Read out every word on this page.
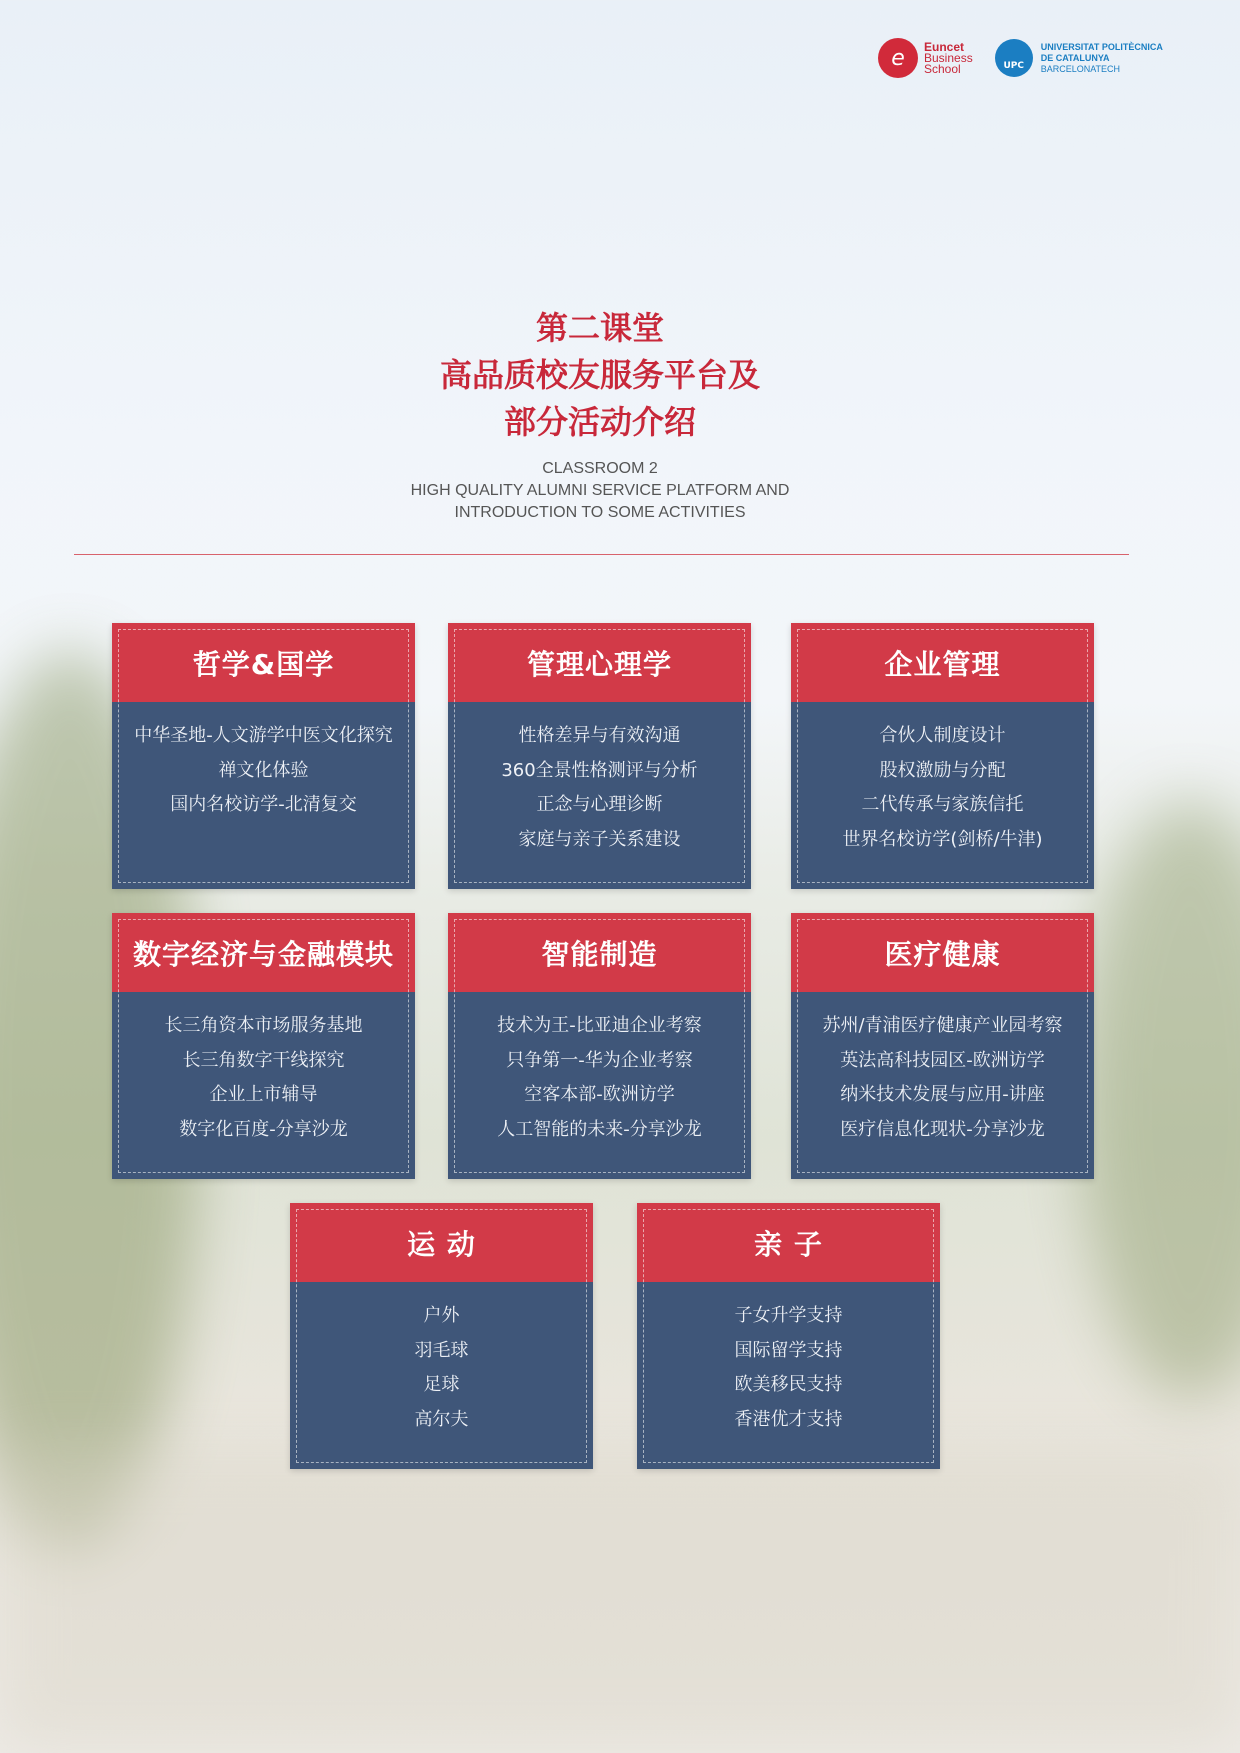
e	Euncet
Business
School	UPC
UNIVERSITAT POLITÈCNICA
DE CATALUNYA
BARCELONATECH
第二课堂
高品质校友服务平台及
部分活动介绍
CLASSROOM 2
HIGH QUALITY ALUMNI SERVICE PLATFORM AND
INTRODUCTION TO SOME ACTIVITIES
哲学&国学
中华圣地-人文游学中医文化探究
禅文化体验
国内名校访学-北清复交
管理心理学
性格差异与有效沟通
360全景性格测评与分析
正念与心理诊断
家庭与亲子关系建设
企业管理
合伙人制度设计
股权激励与分配
二代传承与家族信托
世界名校访学(剑桥/牛津)
数字经济与金融模块
长三角资本市场服务基地
长三角数字干线探究
企业上市辅导
数字化百度-分享沙龙
智能制造
技术为王-比亚迪企业考察
只争第一-华为企业考察
空客本部-欧洲访学
人工智能的未来-分享沙龙
医疗健康
苏州/青浦医疗健康产业园考察
英法高科技园区-欧洲访学
纳米技术发展与应用-讲座
医疗信息化现状-分享沙龙
运 动
户外
羽毛球
足球
高尔夫
亲 子
子女升学支持
国际留学支持
欧美移民支持
香港优才支持
